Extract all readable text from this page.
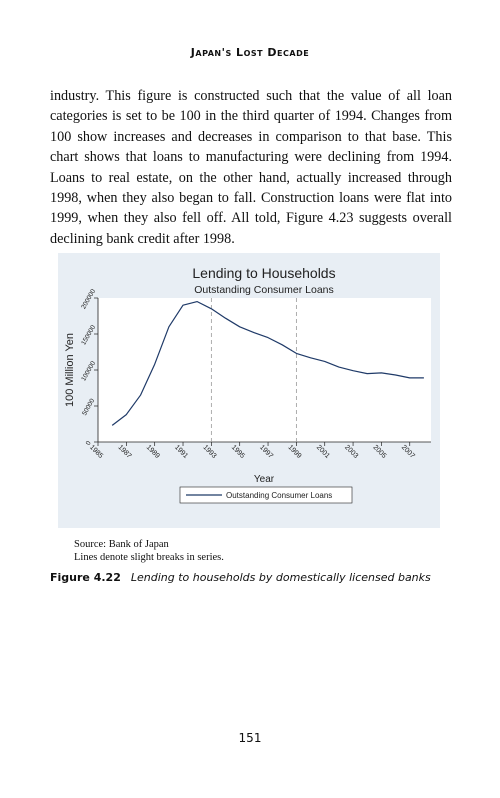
Japan's Lost Decade

industry. This figure is constructed such that the value of all loan categories is set to be 100 in the third quarter of 1994. Changes from 100 show increases and decreases in comparison to that base. This chart shows that loans to manufacturing were declining from 1994. Loans to real estate, on the other hand, actually increased through 1998, when they also began to fall. Construction loans were flat into 1999, when they also fell off. All told, Figure 4.23 suggests overall declining bank credit after 1998.

Lending to Households
Outstanding Consumer Loans
100 Million Yen
Year
Outstanding Consumer Loans
0
50000
100000
150000
200000
1985 1987 1989 1991 1993 1995 1997 1999 2001 2003 2005 2007
Source: Bank of Japan
Lines denote slight breaks in series.
Figure 4.22 Lending to households by domestically licensed banks
151
